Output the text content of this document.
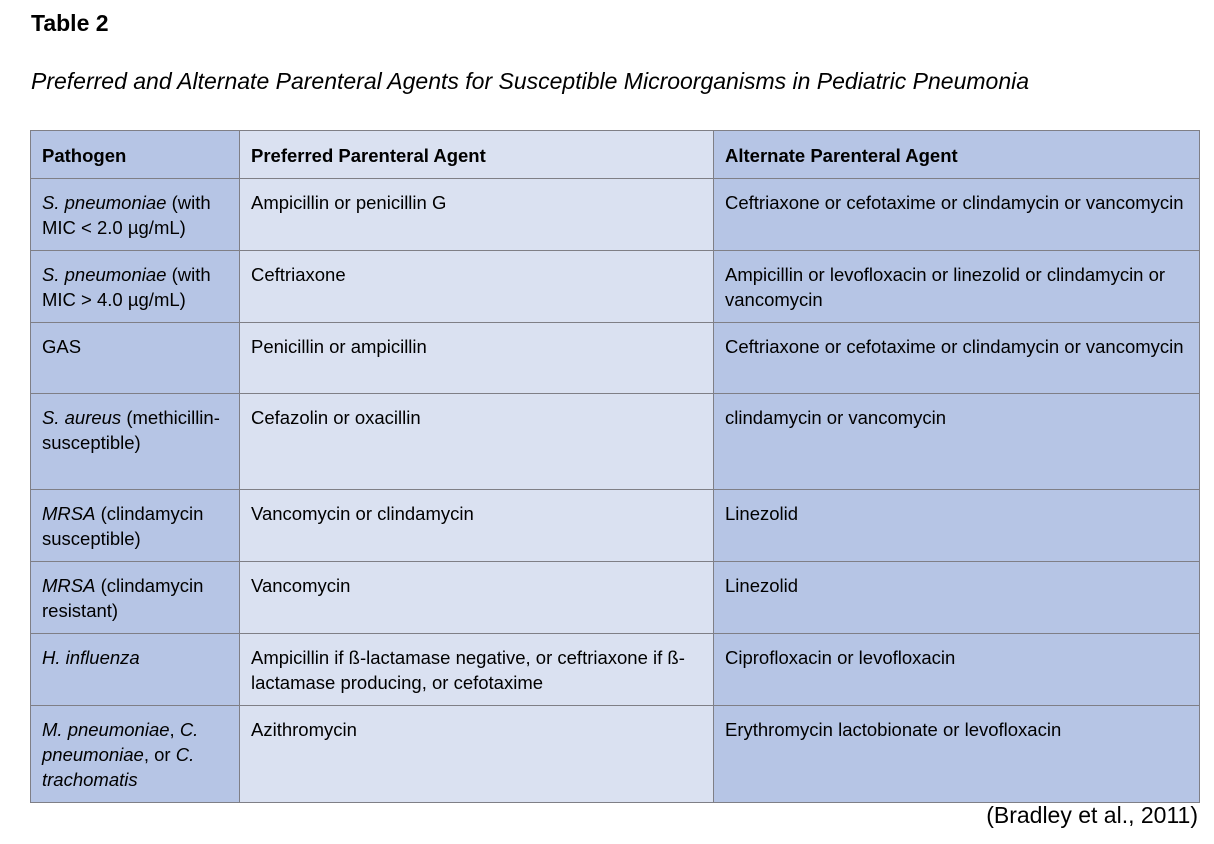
Table 2

Preferred and Alternate Parenteral Agents for Susceptible Microorganisms in Pediatric Pneumonia

Pathogen	Preferred Parenteral Agent	Alternate Parenteral Agent
S. pneumoniae (with MIC < 2.0 µg/mL)	Ampicillin or penicillin G	Ceftriaxone or cefotaxime or clindamycin or vancomycin
S. pneumoniae (with MIC > 4.0 µg/mL)	Ceftriaxone	Ampicillin or levofloxacin or linezolid or clindamycin or vancomycin
GAS	Penicillin or ampicillin	Ceftriaxone or cefotaxime or clindamycin or vancomycin
S. aureus (methicillin-susceptible)	Cefazolin or oxacillin	clindamycin or vancomycin
MRSA (clindamycin susceptible)	Vancomycin or clindamycin	Linezolid
MRSA (clindamycin resistant)	Vancomycin	Linezolid
H. influenza	Ampicillin if ß-lactamase negative, or ceftriaxone if ß-lactamase producing, or cefotaxime	Ciprofloxacin or levofloxacin
M. pneumoniae, C. pneumoniae, or C. trachomatis	Azithromycin	Erythromycin lactobionate or levofloxacin

(Bradley et al., 2011)
